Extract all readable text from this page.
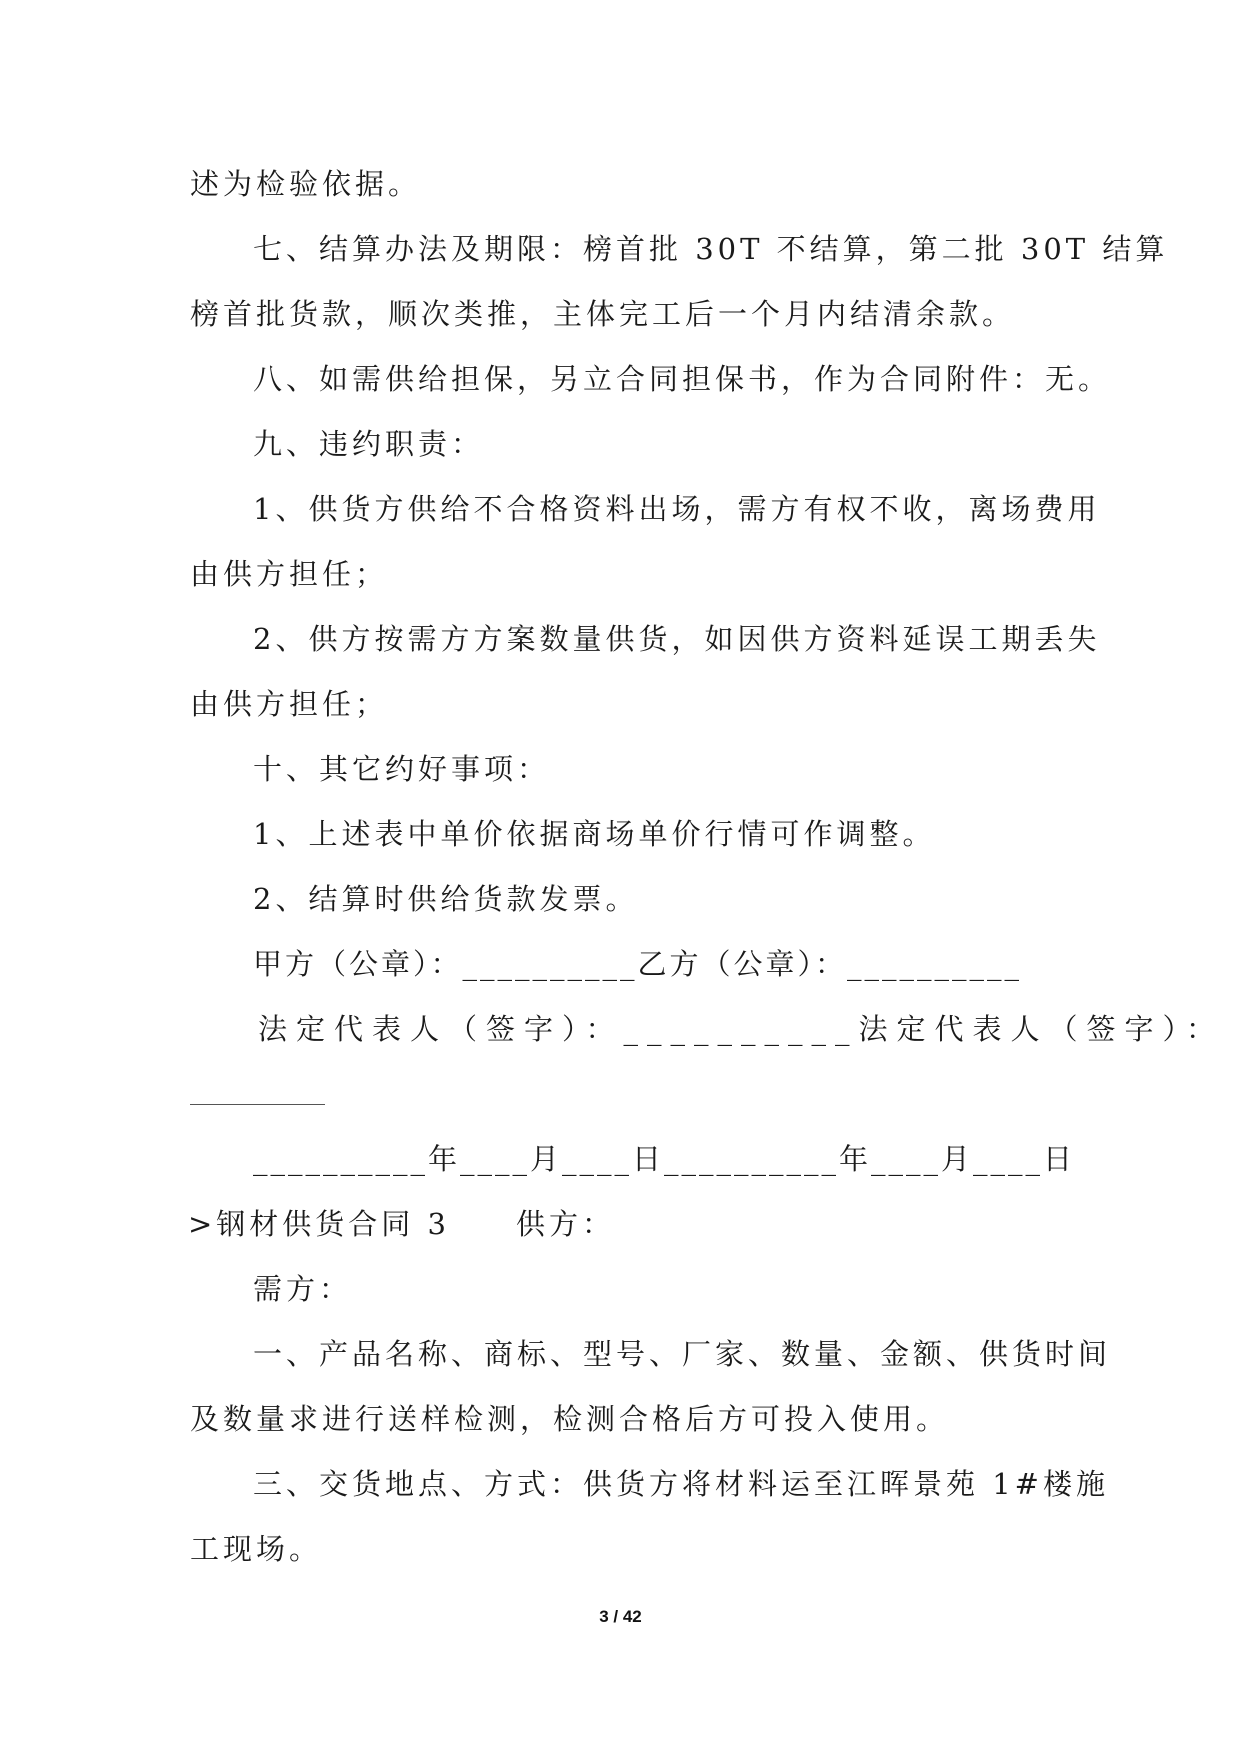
述为检验依据。
七、结算办法及期限：榜首批 30T 不结算，第二批 30T 结算
榜首批货款，顺次类推，主体完工后一个月内结清余款。
八、如需供给担保，另立合同担保书，作为合同附件：无。
九、违约职责：
1、供货方供给不合格资料出场，需方有权不收，离场费用
由供方担任；
2、供方按需方方案数量供货，如因供方资料延误工期丢失
由供方担任；
十、其它约好事项：
1、上述表中单价依据商场单价行情可作调整。
2、结算时供给货款发票。
甲方（公章）：__________乙方（公章）：__________
法定代表人（签字）：__________法定代表人（签字）：
__________年____月____日__________年____月____日
>钢材供货合同 3　　供方：
需方：
一、产品名称、商标、型号、厂家、数量、金额、供货时间
及数量求进行送样检测，检测合格后方可投入使用。
三、交货地点、方式：供货方将材料运至江晖景苑 1#楼施
工现场。
3 / 42
